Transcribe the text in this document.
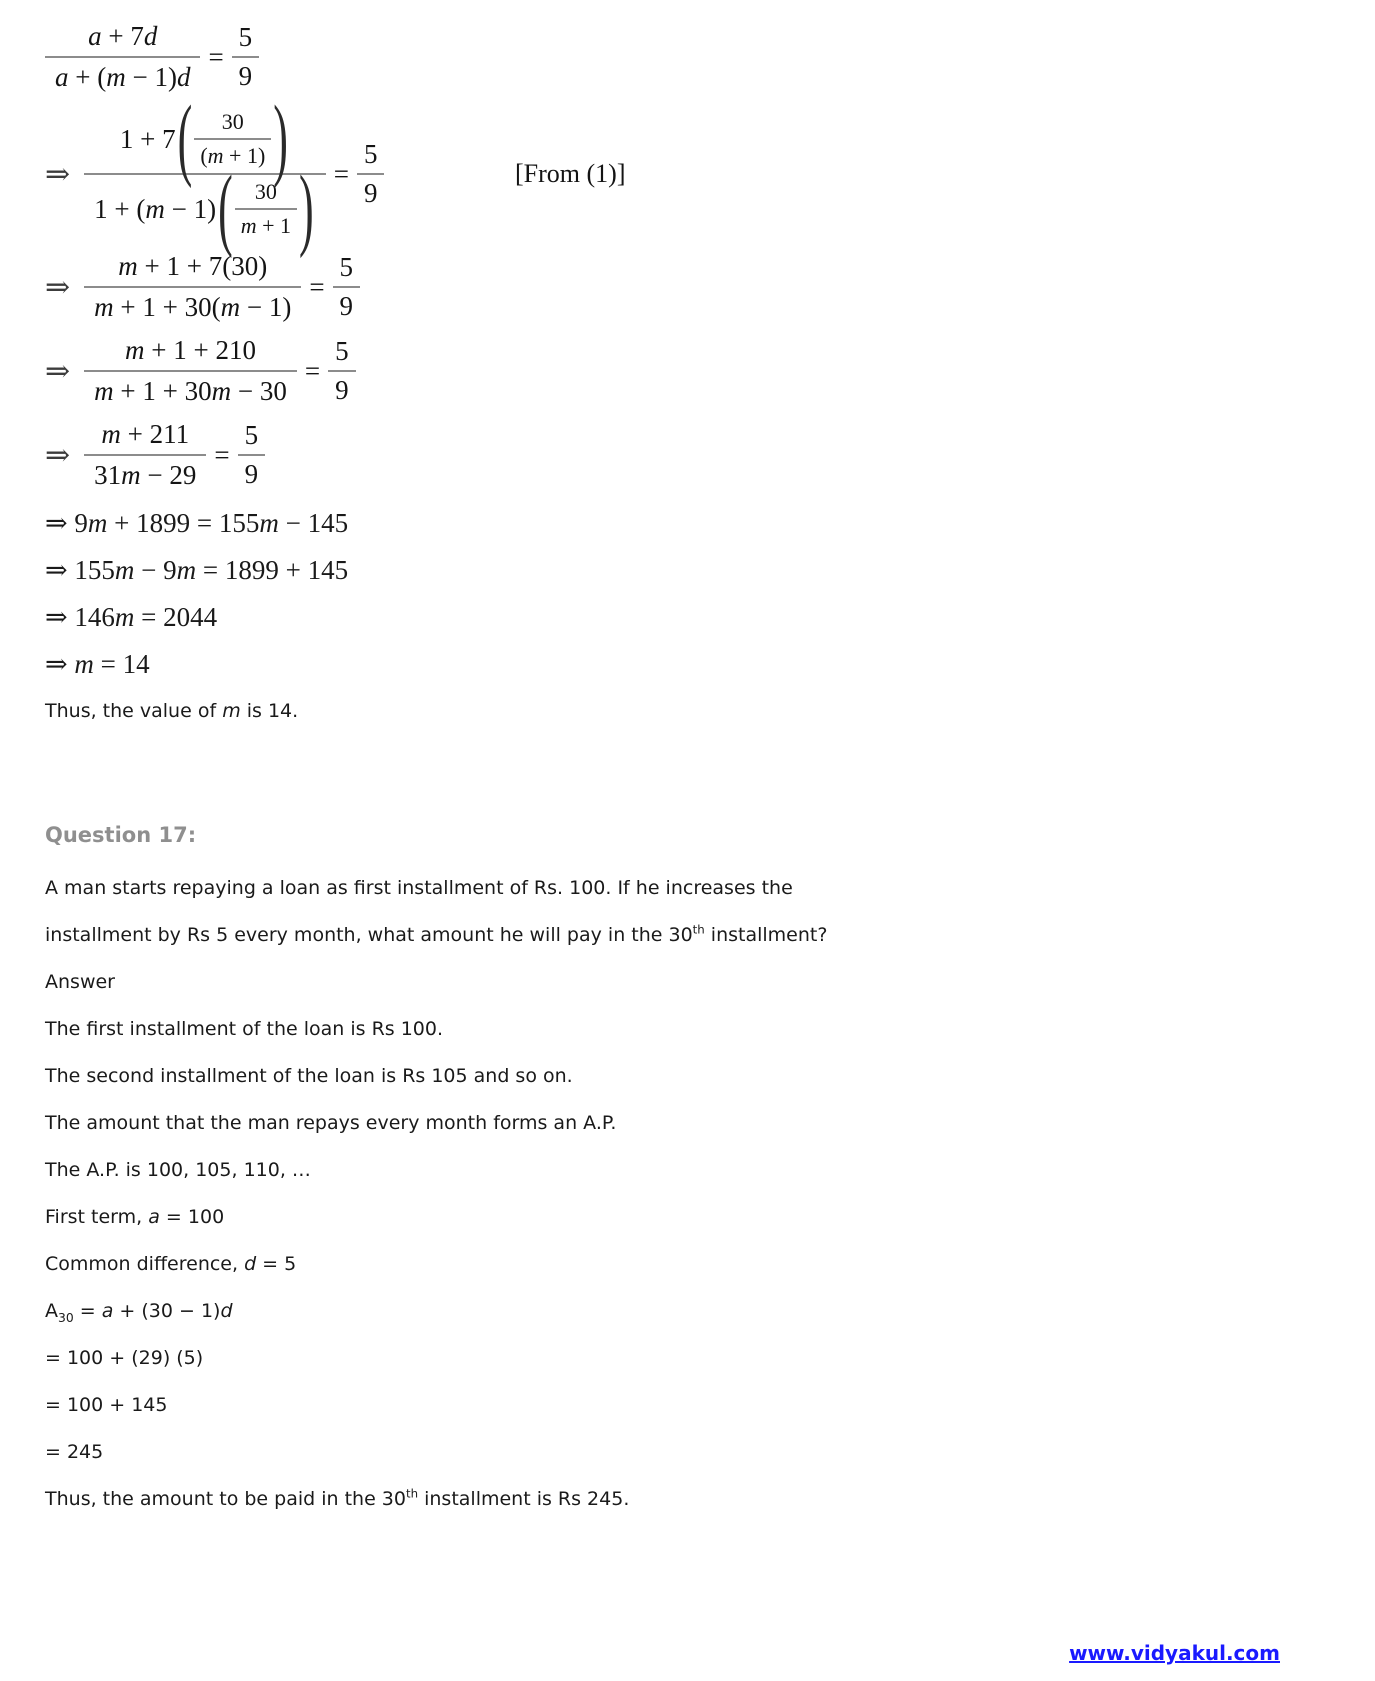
$\frac{a + 7d}{a + (m - 1)d} = \frac{5}{9}$
⇒
1 + 7 ( $\frac{30}{(m + 1)}$ )
1 + (m − 1) ( $\frac{30}{m + 1}$ ) = $\frac{5}{9}$	[From (1)]
⇒ $\frac{m + 1 + 7(30)}{m + 1 + 30(m - 1)} = \frac{5}{9}$
⇒ $\frac{m + 1 + 210}{m + 1 + 30m - 30} = \frac{5}{9}$
⇒ $\frac{m + 211}{31m - 29} = \frac{5}{9}$
⇒ 9m + 1899 = 155m − 145
⇒ 155m − 9m = 1899 + 145
⇒ 146m = 2044
⇒ m = 14
Thus, the value of m is 14.
Question 17:
A man starts repaying a loan as first installment of Rs. 100. If he increases the
installment by Rs 5 every month, what amount he will pay in the 30th installment?
Answer
The first installment of the loan is Rs 100.
The second installment of the loan is Rs 105 and so on.
The amount that the man repays every month forms an A.P.
The A.P. is 100, 105, 110, …
First term, a = 100
Common difference, d = 5
$A_{30} = a + (30 - 1)d$
= 100 + (29) (5)
= 100 + 145
= 245
Thus, the amount to be paid in the 30th installment is Rs 245.
www.vidyakul.com
